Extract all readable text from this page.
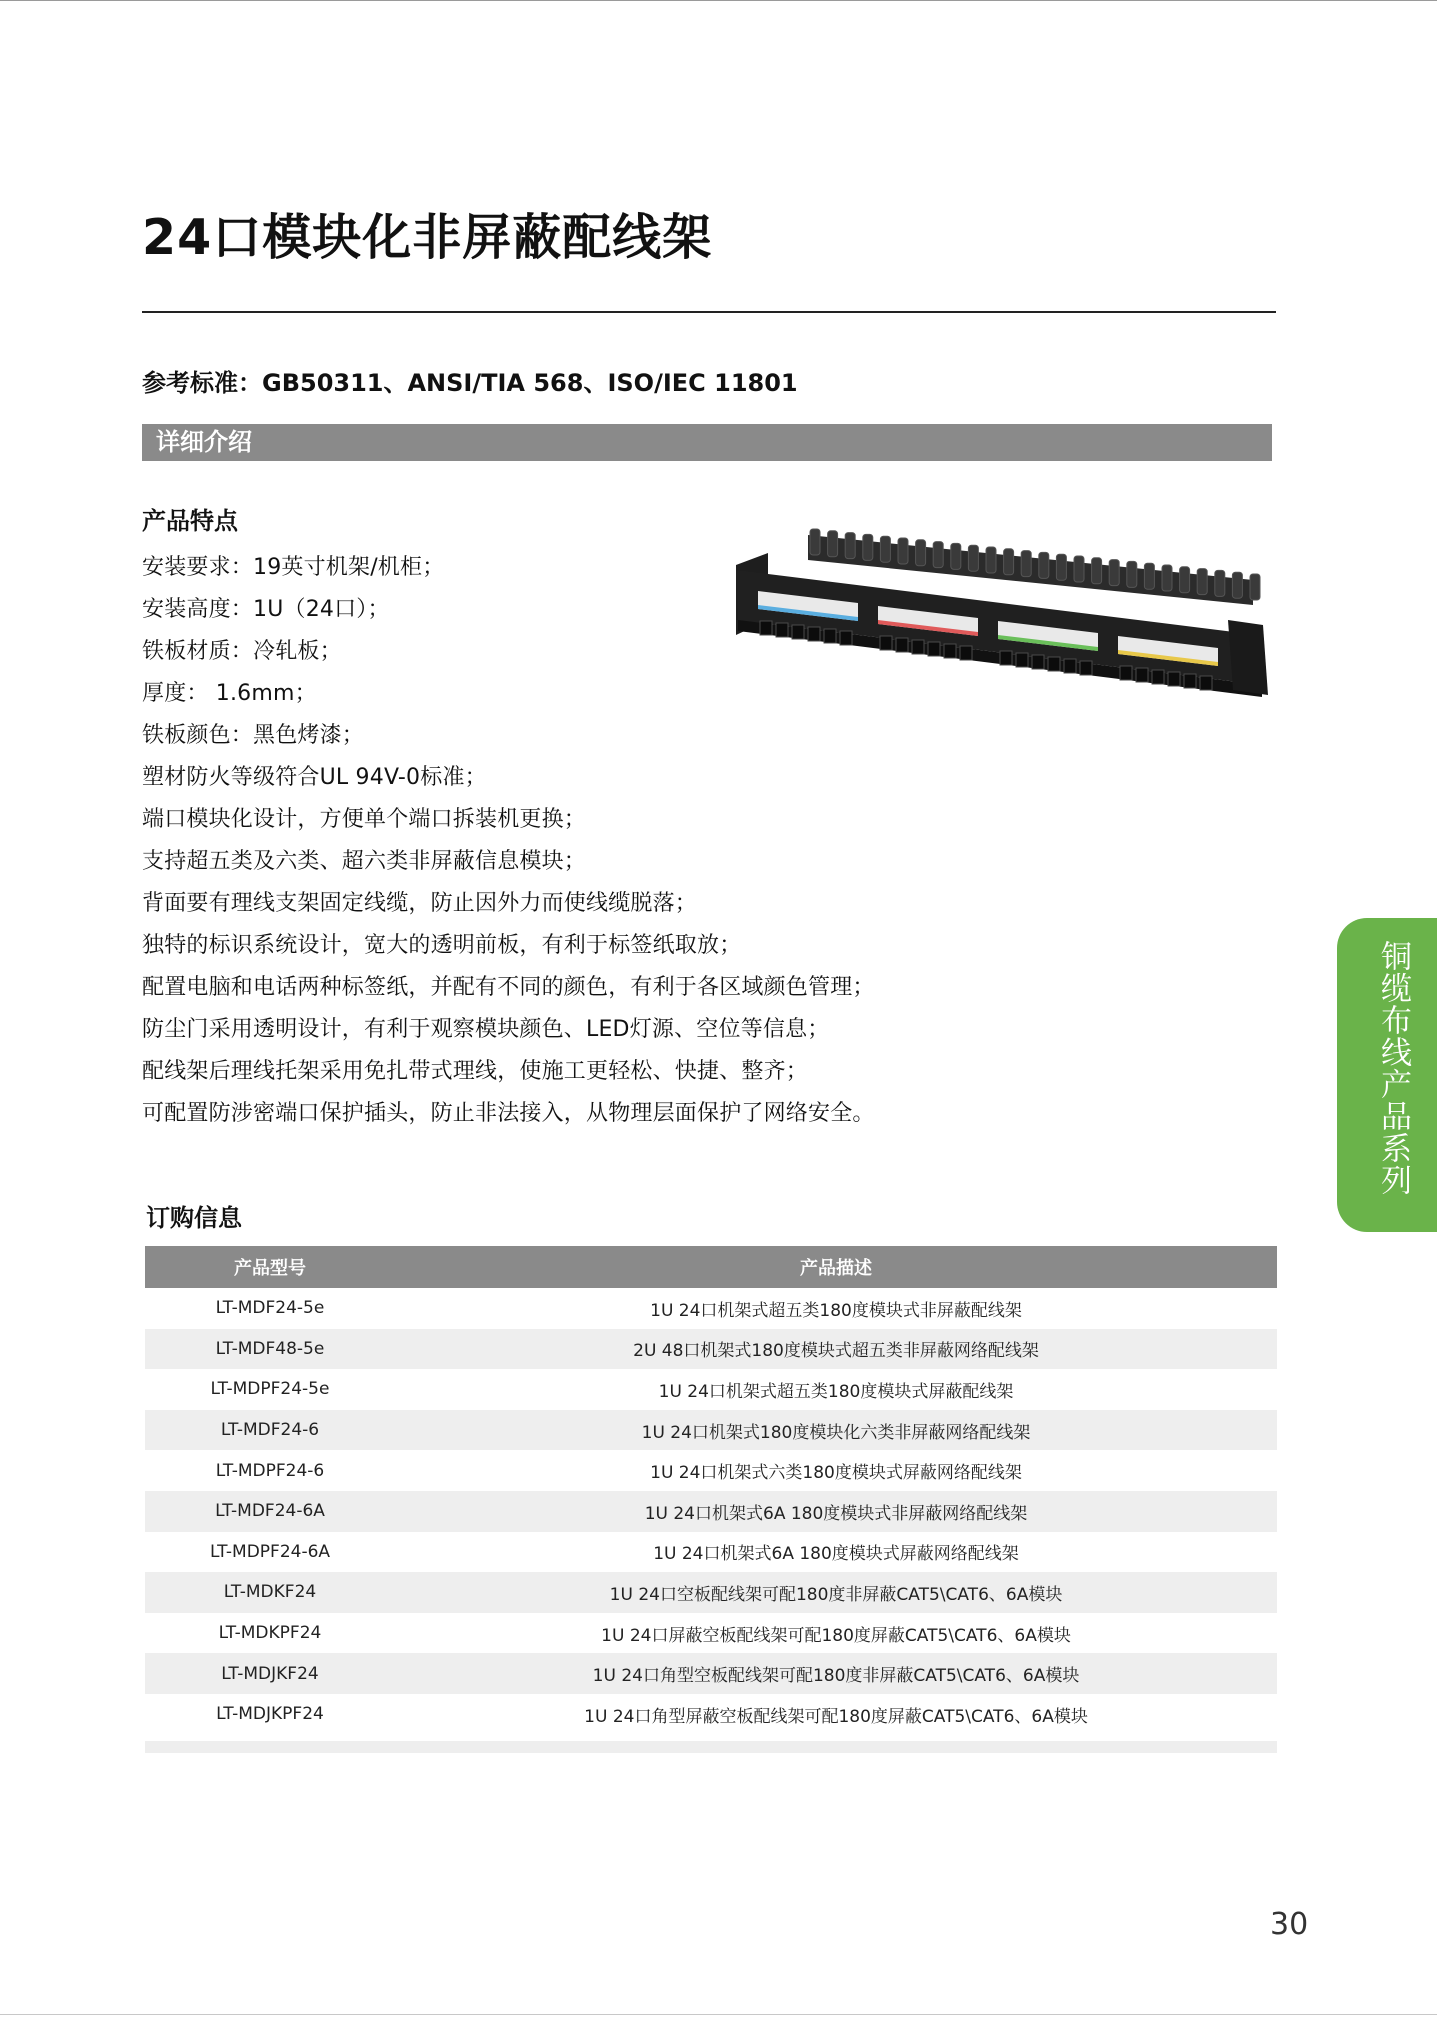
24口模块化非屏蔽配线架
参考标准：GB50311、ANSI/TIA 568、ISO/IEC 11801
详细介绍
产品特点
安装要求：19英寸机架/机柜；
安装高度：1U（24口）；
铁板材质：冷轧板；
厚度： 1.6mm；
铁板颜色：黑色烤漆；
塑材防火等级符合UL 94V-0标准；
端口模块化设计，方便单个端口拆装机更换；
支持超五类及六类、超六类非屏蔽信息模块；
背面要有理线支架固定线缆，防止因外力而使线缆脱落；
独特的标识系统设计，宽大的透明前板，有利于标签纸取放；
配置电脑和电话两种标签纸，并配有不同的颜色，有利于各区域颜色管理；
防尘门采用透明设计，有利于观察模块颜色、LED灯源、空位等信息；
配线架后理线托架采用免扎带式理线，使施工更轻松、快捷、整齐；
可配置防涉密端口保护插头，防止非法接入，从物理层面保护了网络安全。	铜缆布线产品系列
订购信息
产品型号	产品描述
LT-MDF24-5e	1U 24口机架式超五类180度模块式非屏蔽配线架
LT-MDF48-5e	2U 48口机架式180度模块式超五类非屏蔽网络配线架
LT-MDPF24-5e	1U 24口机架式超五类180度模块式屏蔽配线架
LT-MDF24-6	1U 24口机架式180度模块化六类非屏蔽网络配线架
LT-MDPF24-6	1U 24口机架式六类180度模块式屏蔽网络配线架
LT-MDF24-6A	1U 24口机架式6A 180度模块式非屏蔽网络配线架
LT-MDPF24-6A	1U 24口机架式6A 180度模块式屏蔽网络配线架
LT-MDKF24	1U 24口空板配线架可配180度非屏蔽CAT5\CAT6、6A模块
LT-MDKPF24	1U 24口屏蔽空板配线架可配180度屏蔽CAT5\CAT6、6A模块
LT-MDJKF24	1U 24口角型空板配线架可配180度非屏蔽CAT5\CAT6、6A模块
LT-MDJKPF24	1U 24口角型屏蔽空板配线架可配180度屏蔽CAT5\CAT6、6A模块
30
